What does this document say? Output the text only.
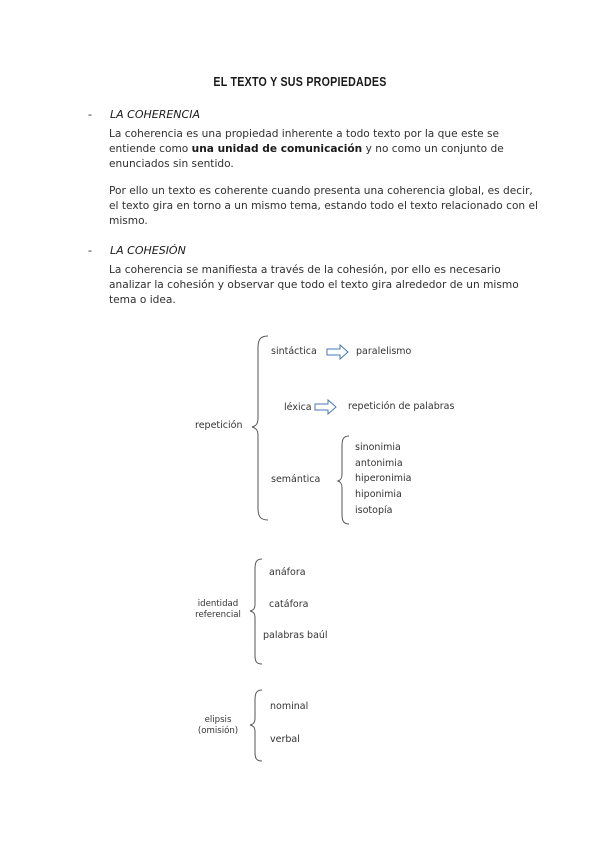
EL TEXTO Y SUS PROPIEDADES
- LA COHERENCIA
La coherencia es una propiedad inherente a todo texto por la que este se entiende como una unidad de comunicación y no como un conjunto de enunciados sin sentido.
Por ello un texto es coherente cuando presenta una coherencia global, es decir, el texto gira en torno a un mismo tema, estando todo el texto relacionado con el mismo.
- LA COHESIÓN
La coherencia se manifiesta a través de la cohesión, por ello es necesario analizar la cohesión y observar que todo el texto gira alrededor de un mismo tema o idea.
repetición
sintáctica	paralelismo
léxica	repetición de palabras
semántica
sinonimia
antonimia
hiperonimia
hiponimia
isotopía
identidad
referencial
anáfora
catáfora
palabras baúl
elipsis
(omisión)
nominal
verbal
